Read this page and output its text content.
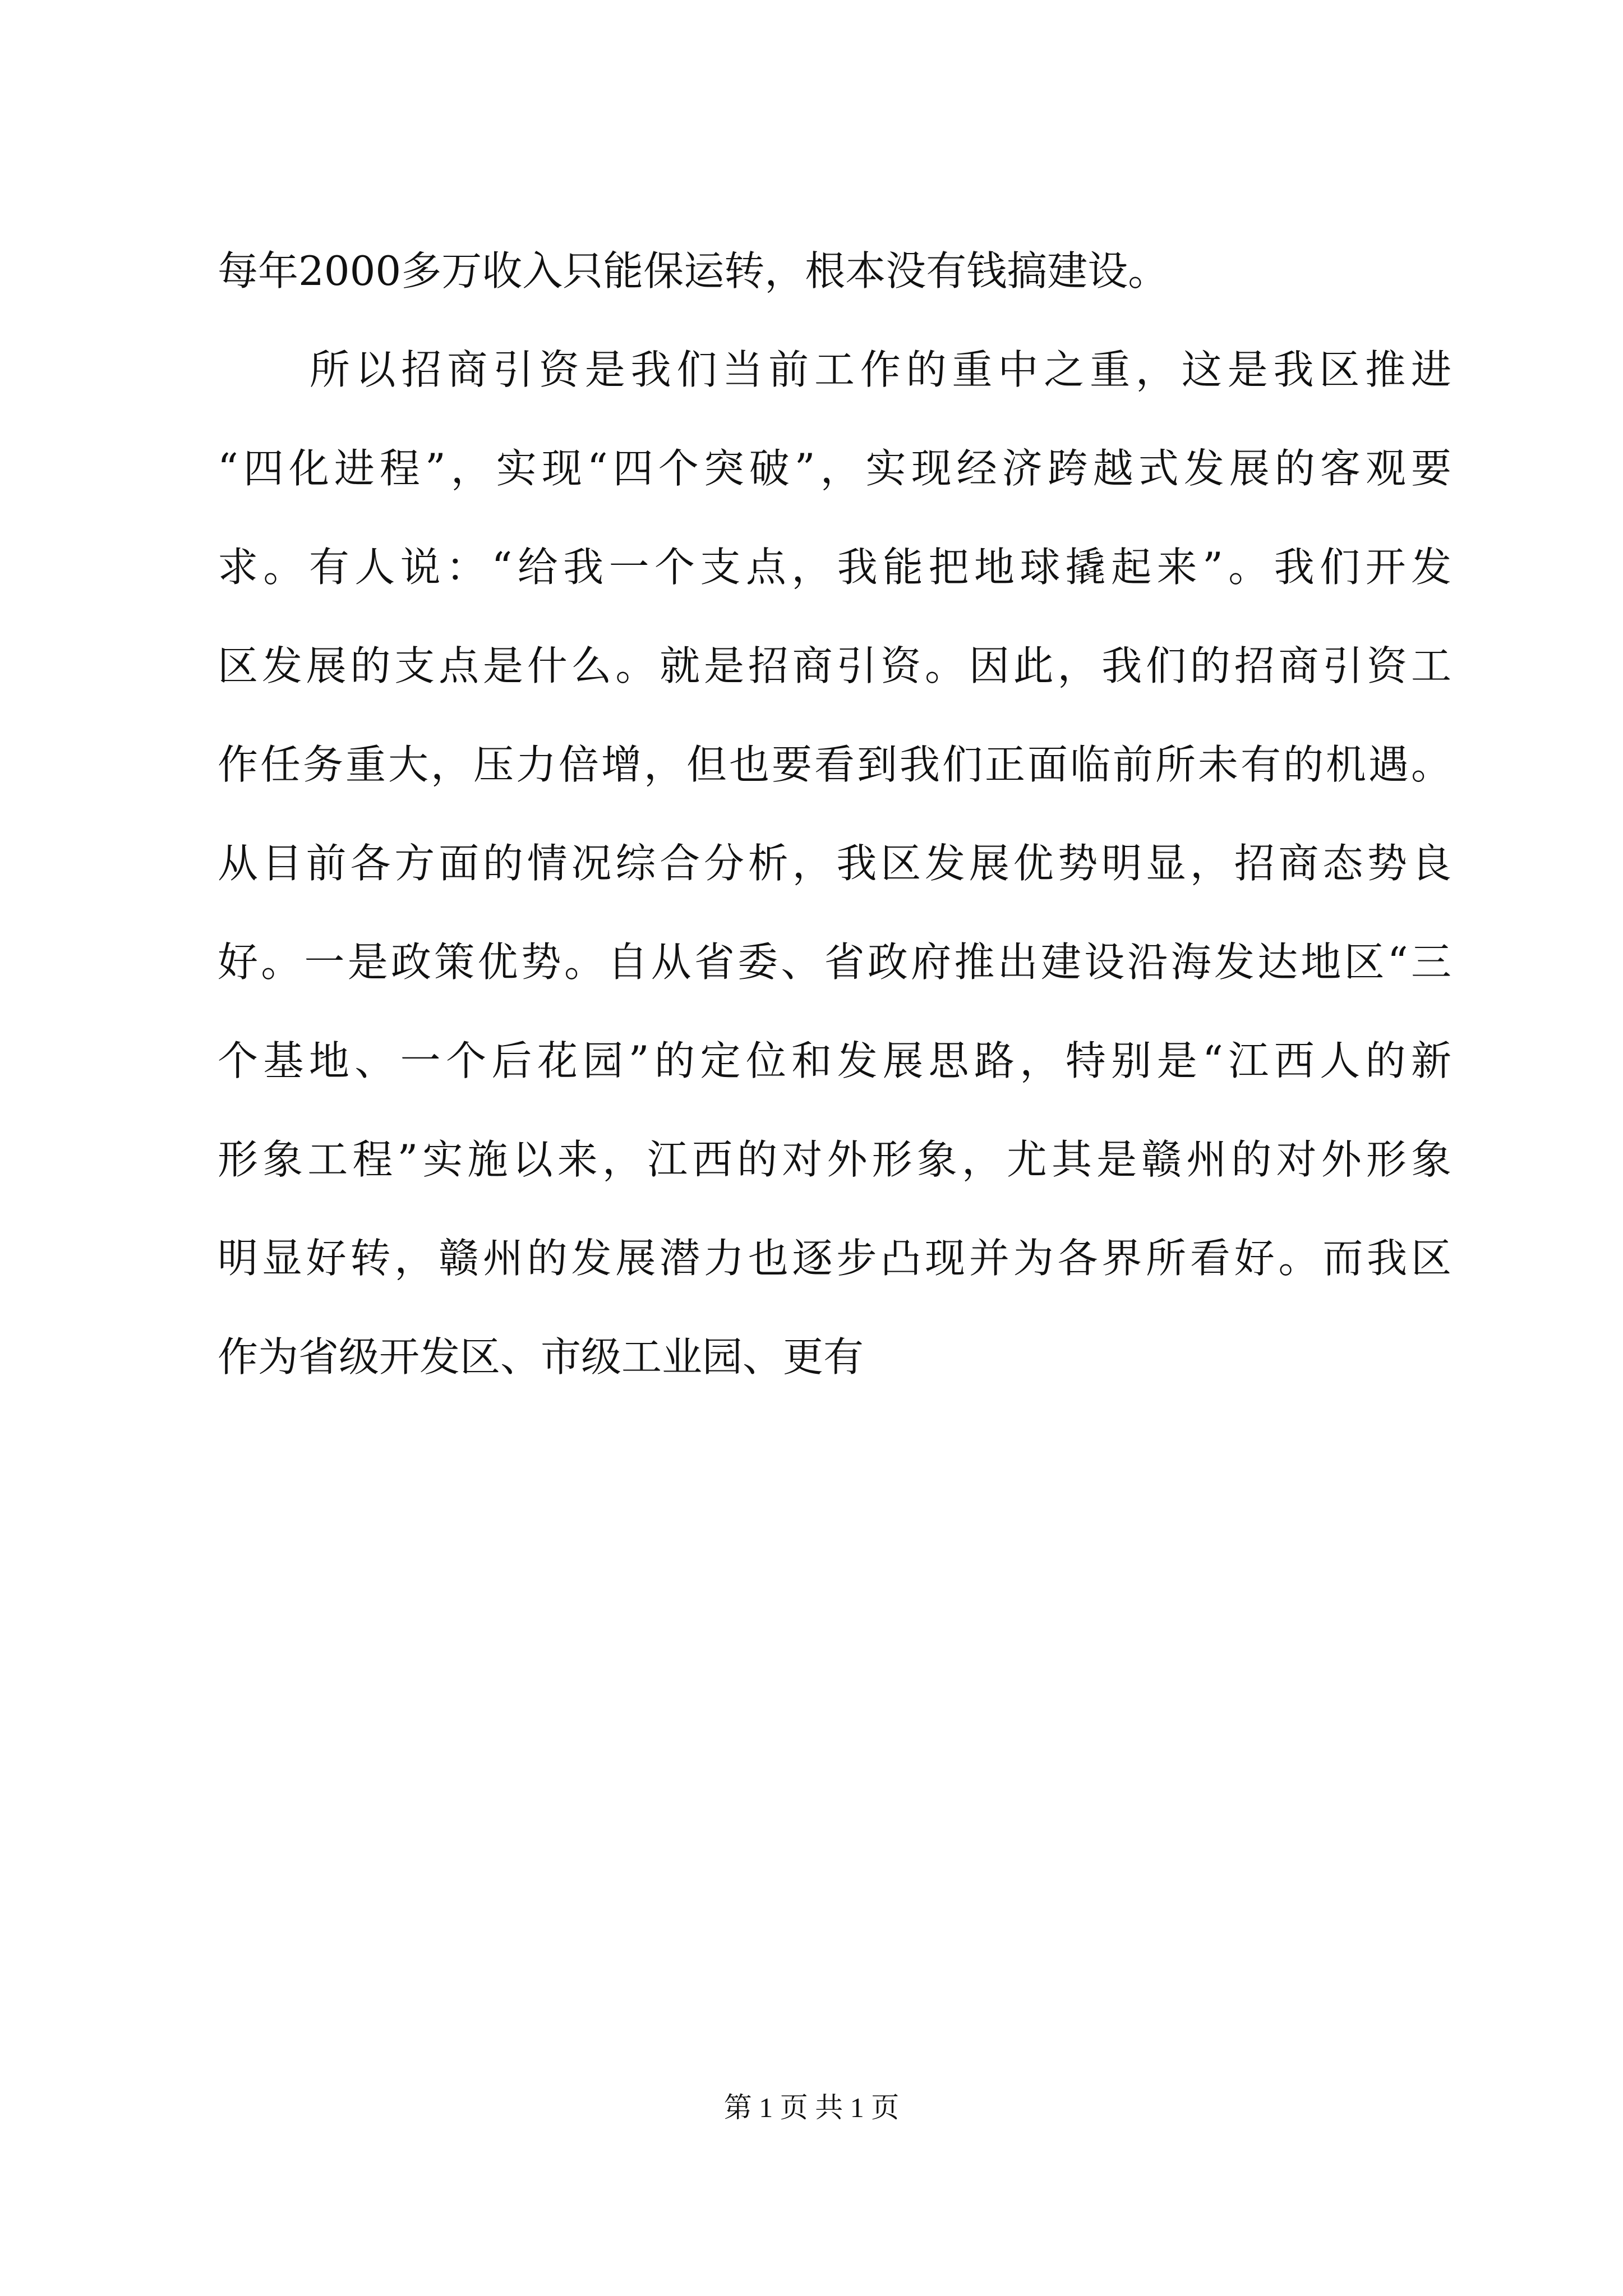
每年2000多万收入只能保运转，根本没有钱搞建设。
　　所以招商引资是我们当前工作的重中之重，这是我区推进
“四化进程”，实现“四个突破”，实现经济跨越式发展的客观要
求。有人说：“给我一个支点，我能把地球撬起来”。我们开发
区发展的支点是什么。就是招商引资。因此，我们的招商引资工
作任务重大，压力倍增，但也要看到我们正面临前所未有的机遇。
从目前各方面的情况综合分析，我区发展优势明显，招商态势良
好。一是政策优势。自从省委、省政府推出建设沿海发达地区“三
个基地、一个后花园”的定位和发展思路，特别是“江西人的新
形象工程”实施以来，江西的对外形象，尤其是赣州的对外形象
明显好转，赣州的发展潜力也逐步凸现并为各界所看好。而我区
作为省级开发区、市级工业园、更有
第 1 页 共 1 页
